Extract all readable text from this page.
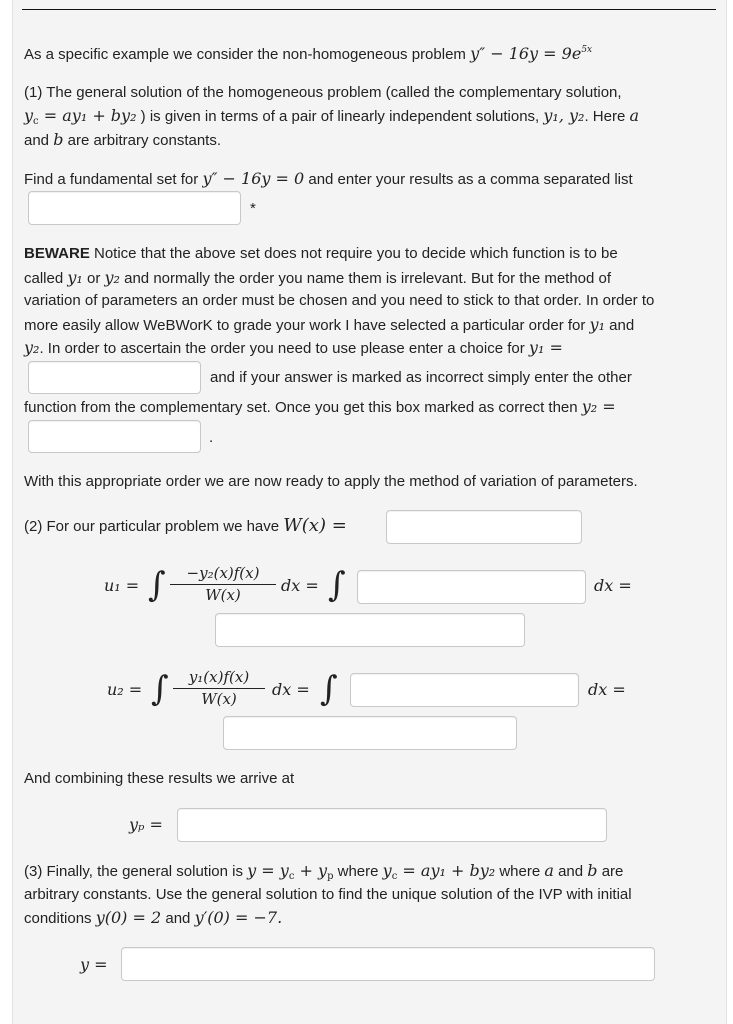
As a specific example we consider the non-homogeneous problem $y'' - 16y = 9e^{5x}$
(1) The general solution of the homogeneous problem (called the complementary solution,
$y_c = ay_1 + by_2$ ) is given in terms of a pair of linearly independent solutions, y₁, y₂. Here a
and b are arbitrary constants.
Find a fundamental set for y″ − 16y = 0 and enter your results as a comma separated list
*
BEWARE Notice that the above set does not require you to decide which function is to be
called y₁ or y₂ and normally the order you name them is irrelevant. But for the method of
variation of parameters an order must be chosen and you need to stick to that order. In order to
more easily allow WeBWorK to grade your work I have selected a particular order for y₁ and
y₂. In order to ascertain the order you need to use please enter a choice for y₁ =
and if your answer is marked as incorrect simply enter the other
function from the complementary set. Once you get this box marked as correct then y₂ =
.
With this appropriate order we are now ready to apply the method of variation of parameters.
(2) For our particular problem we have W(x) =
u₁ = ∫ $\frac{\text{−y₂(x)f(x)}}{W(x)}$ dx = ∫	dx =
u₂ = ∫ $\frac{\text{y₁(x)f(x)}}{W(x)}$ dx = ∫	dx =
And combining these results we arrive at
yₚ =
(3) Finally, the general solution is $y = y_c + y_p$ where $y_c = ay_1 + by_2$ where a and b are
arbitrary constants. Use the general solution to find the unique solution of the IVP with initial
conditions y(0) = 2 and y′(0) = −7.
y =
